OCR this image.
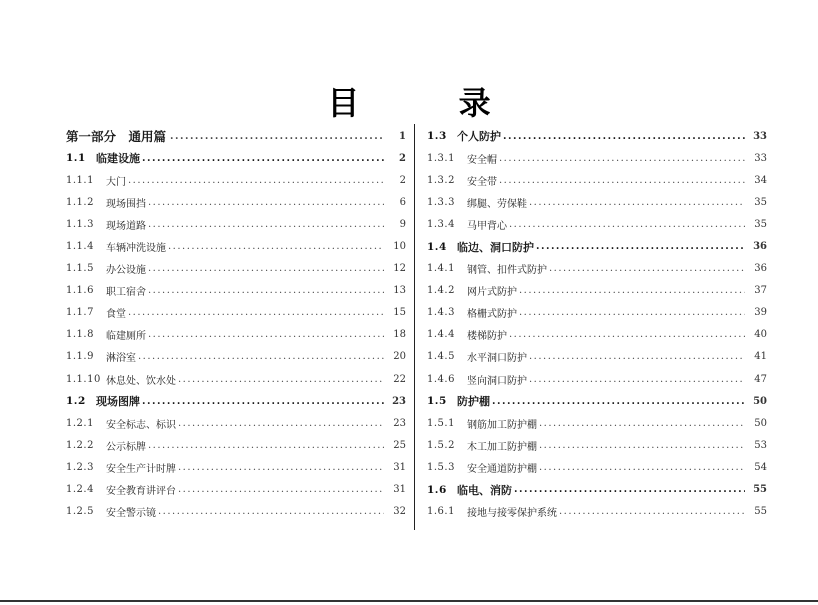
目 录
第一部分　通用篇 .....	1
1.1 临建设施 .....	2
1.1.1	大门 .....	2
1.1.2	现场围挡 .....	6
1.1.3	现场道路 .....	9
1.1.4	车辆冲洗设施 .....	10
1.1.5	办公设施 .....	12
1.1.6	职工宿舍 .....	13
1.1.7	食堂 .....	15
1.1.8	临建厕所 .....	18
1.1.9	淋浴室 .....	20
1.1.10 休息处、饮水处 .....	22
1.2 现场图牌 .....	23
1.2.1	安全标志、标识 .....	23
1.2.2	公示标牌 .....	25
1.2.3	安全生产计时牌 .....	31
1.2.4	安全教育讲评台 .....	31
1.2.5	安全警示镜 .....	32
1.3 个人防护 .....	33
1.3.1	安全帽 .....	33
1.3.2	安全带 .....	34
1.3.3	绑腿、劳保鞋 .....	35
1.3.4	马甲背心 .....	35
1.4 临边、洞口防护 .....	36
1.4.1	钢管、扣件式防护 .....	36
1.4.2	网片式防护 .....	37
1.4.3	格栅式防护 .....	39
1.4.4	楼梯防护 .....	40
1.4.5	水平洞口防护 .....	41
1.4.6	竖向洞口防护 .....	47
1.5 防护棚 .....	50
1.5.1	钢筋加工防护棚 .....	50
1.5.2	木工加工防护棚 .....	53
1.5.3	安全通道防护棚 .....	54
1.6 临电、消防 .....	55
1.6.1	接地与接零保护系统 .....	55
